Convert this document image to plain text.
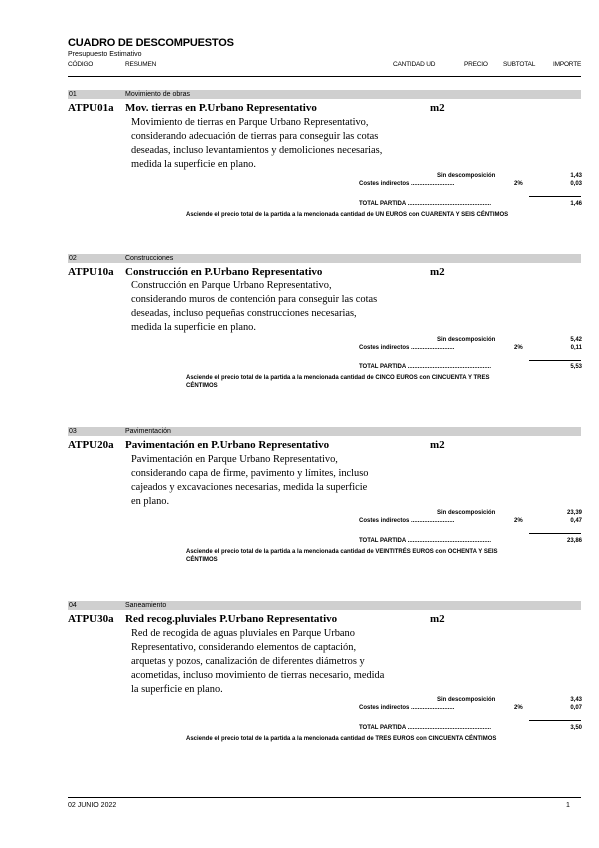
CUADRO DE DESCOMPUESTOS
Presupuesto Estimativo
CÓDIGO	RESUMEN	CANTIDAD UD	PRECIO SUBTOTAL	IMPORTE
01	Movimiento de obras
ATPU01a Mov. tierras en P.Urbano Representativo	m2
Movimiento de tierras en Parque Urbano Representativo,
considerando adecuación de tierras para conseguir las cotas
deseadas, incluso levantamientos y demoliciones necesarias,
medida la superficie en plano.
Sin descomposición	1,43
Costes indirectos ..........................	2%	0,03
TOTAL PARTIDA ..................................................	1,46
Asciende el precio total de la partida a la mencionada cantidad de UN EUROS con CUARENTA Y SEIS CÉNTIMOS
02	Construcciones
ATPU10a Construcción en P.Urbano Representativo	m2
Construcción en Parque Urbano Representativo,
considerando muros de contención para conseguir las cotas
deseadas, incluso pequeñas construcciones necesarias,
medida la superficie en plano.
Sin descomposición	5,42
Costes indirectos ..........................	2%	0,11
TOTAL PARTIDA ..................................................	5,53
Asciende el precio total de la partida a la mencionada cantidad de CINCO EUROS con CINCUENTA Y TRES
CÉNTIMOS
03	Pavimentación
ATPU20a Pavimentación en P.Urbano Representativo	m2
Pavimentación en Parque Urbano Representativo,
considerando capa de firme, pavimento y límites, incluso
cajeados y excavaciones necesarias, medida la superficie
en plano.
Sin descomposición	23,39
Costes indirectos ..........................	2%	0,47
TOTAL PARTIDA ..................................................	23,86
Asciende el precio total de la partida a la mencionada cantidad de VEINTITRÉS EUROS con OCHENTA Y SEIS
CÉNTIMOS
04	Saneamiento
ATPU30a Red recog.pluviales P.Urbano Representativo	m2
Red de recogida de aguas pluviales en Parque Urbano
Representativo, considerando elementos de captación,
arquetas y pozos, canalización de diferentes diámetros y
acometidas, incluso movimiento de tierras necesario, medida
la superficie en plano.
Sin descomposición	3,43
Costes indirectos ..........................	2%	0,07
TOTAL PARTIDA ..................................................	3,50
Asciende el precio total de la partida a la mencionada cantidad de TRES EUROS con CINCUENTA CÉNTIMOS
02 JUNIO 2022	1
